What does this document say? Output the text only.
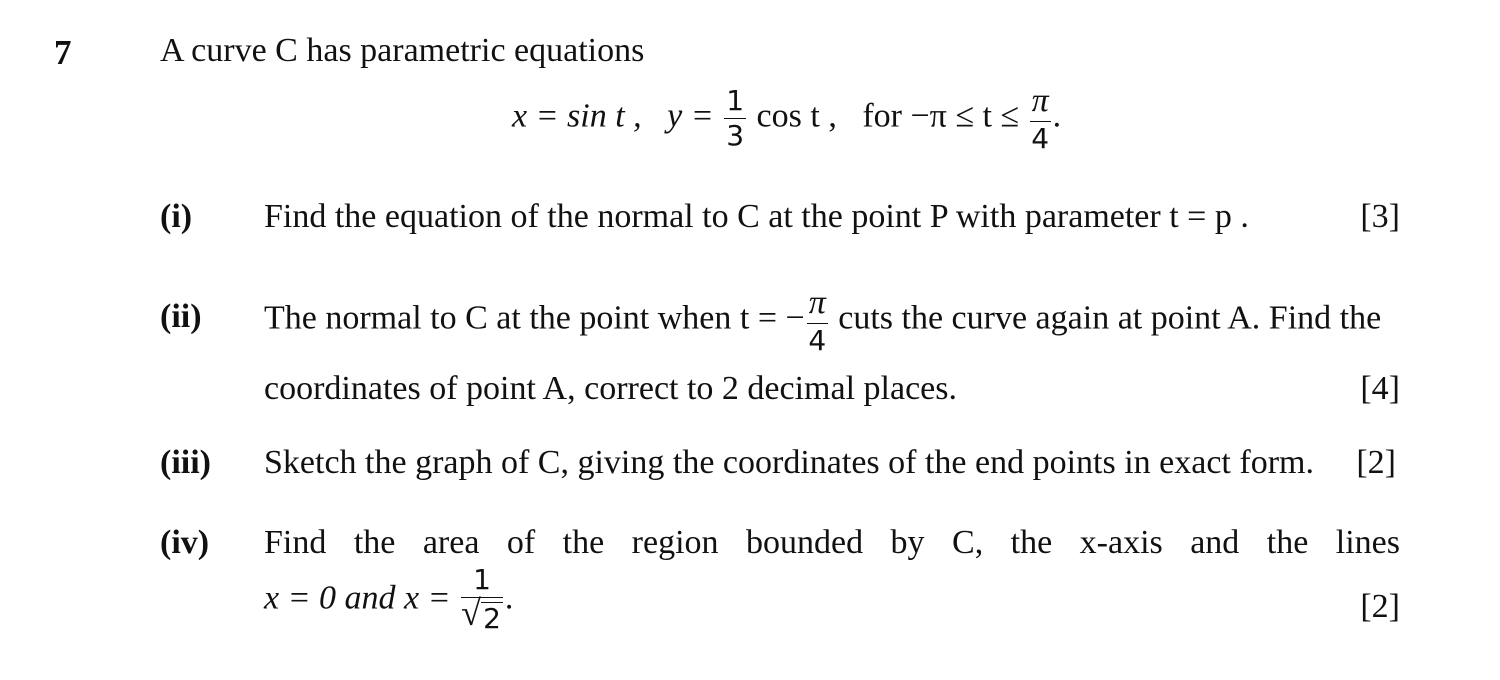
7	A curve C has parametric equations
x = sin t , $y = \frac{1}{3}$ cos t , for $-\pi \le t \le \frac{\pi}{4}$ .
(i) Find the equation of the normal to C at the point P with parameter t = p .	[3]
(ii) The normal to C at the point when t = − $\frac{\pi}{4}$ cuts the curve again at point A. Find the
coordinates of point A, correct to 2 decimal places.	[4]
(iii) Sketch the graph of C, giving the coordinates of the end points in exact form. [2]
(iv) Find the area of the region bounded by C, the x-axis and the lines
x = 0 and $x = \frac{1}{√ 2}$ .	[2]
